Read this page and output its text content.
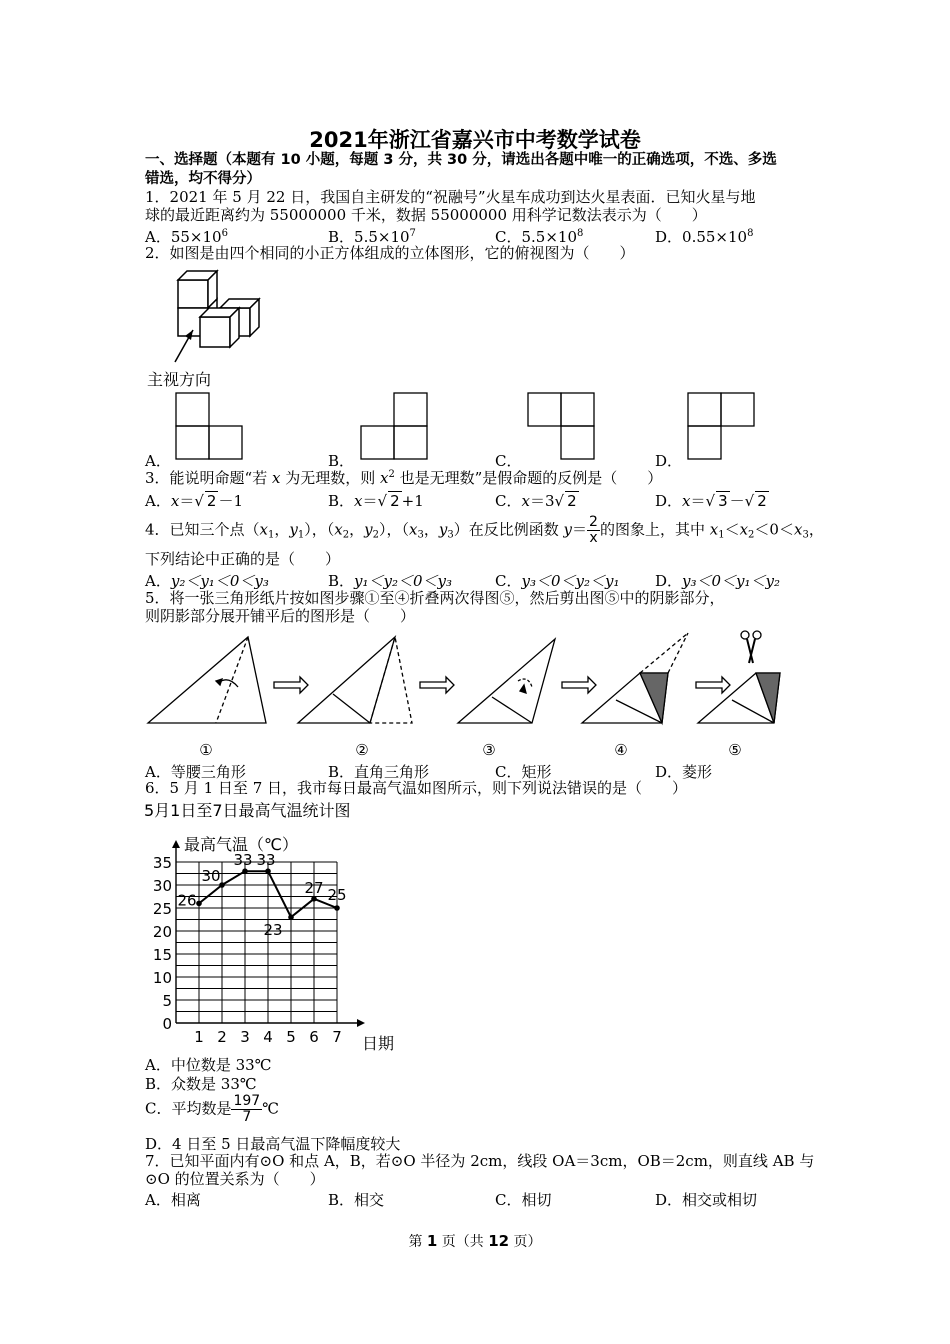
2021年浙江省嘉兴市中考数学试卷
一、选择题（本题有 10 小题，每题 3 分，共 30 分，请选出各题中唯一的正确选项，不选、多选
错选，均不得分）
1．2021 年 5 月 22 日，我国自主研发的“祝融号”火星车成功到达火星表面．已知火星与地
球的最近距离约为 55000000 千米，数据 55000000 用科学记数法表示为（　　）
A．$55\times 10^6$	B．$5.5\times 10^7$	C．$5.5\times 10^8$	D．$0.55\times 10^8$
2．如图是由四个相同的小正方体组成的立体图形，它的俯视图为（　　）
主视方向
A．	B．	C．	D．
3．能说明命题“若 x 为无理数，则 $x^2$ 也是无理数”是假命题的反例是（　　）
A．x＝√ 2 －1	B．x＝√ 2 +1	C．x＝3√ 2	D．x＝√ 3 －√ 2
4．已知三个点（$x_1$，$y_1$），（$x_2$，$y_2$），（$x_3$，$y_3$）在反比例函数 $y= \frac{2}{x}$ 的图象上，其中 $x_1<x_2<0<x_3$，
下列结论中正确的是（　　）
A．y₂＜y₁＜0＜y₃	B．y₁＜y₂＜0＜y₃	C．y₃＜0＜y₂＜y₁ D．y₃＜0＜y₁＜y₂
5．将一张三角形纸片按如图步骤①至④折叠两次得图⑤，然后剪出图⑤中的阴影部分，
则阴影部分展开铺平后的图形是（　　）
①	②	③	④	⑤
A．等腰三角形	B．直角三角形	C．矩形	D．菱形
6．5 月 1 日至 7 日，我市每日最高气温如图所示，则下列说法错误的是（　　）
5月1日至7日最高气温统计图
最高气温（℃）
日期
0
5
10
15
20
25
30
35
1 2 3 4 5 6 7
26
30
33 33
23
27 25
A．中位数是 33℃
B．众数是 33℃
C．平均数是 $\frac{197}{7}$ ℃
D．4 日至 5 日最高气温下降幅度较大
7．已知平面内有⊙O 和点 A，B，若⊙O 半径为 2cm，线段 OA＝3cm，OB＝2cm，则直线 AB 与
⊙O 的位置关系为（　　）
A．相离	B．相交	C．相切	D．相交或相切
第 1 页（共 12 页）
